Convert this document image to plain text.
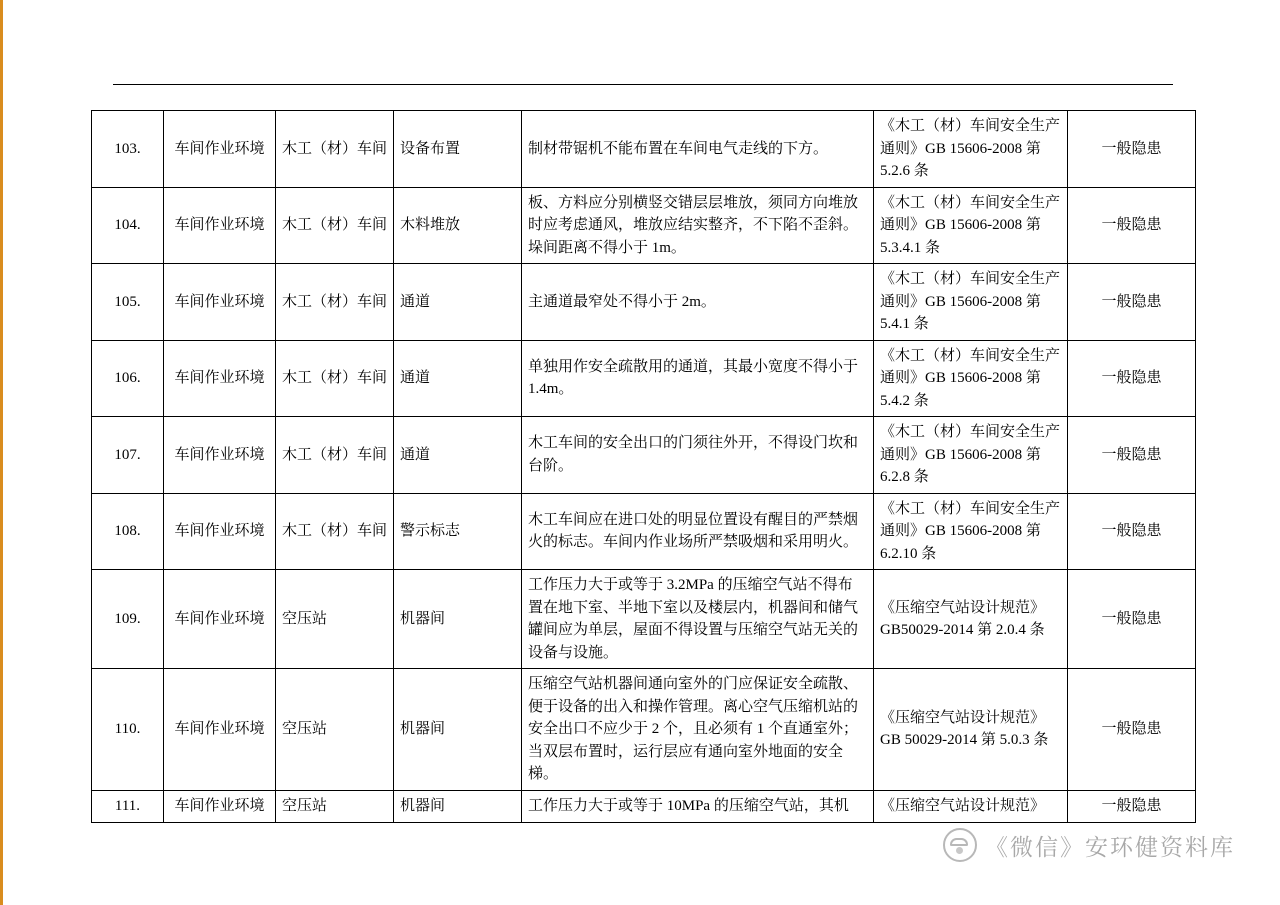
103.	车间作业环境	木工（材）车间	设备布置	制材带锯机不能布置在车间电气走线的下方。	《木工（材）车间安全生产通则》GB 15606-2008 第5.2.6 条	一般隐患
104.	车间作业环境	木工（材）车间	木料堆放	板、方料应分别横竖交错层层堆放，须同方向堆放时应考虑通风，堆放应结实整齐，不下陷不歪斜。垛间距离不得小于 1m。	《木工（材）车间安全生产通则》GB 15606-2008 第5.3.4.1 条	一般隐患
105.	车间作业环境	木工（材）车间	通道	主通道最窄处不得小于 2m。	《木工（材）车间安全生产通则》GB 15606-2008 第5.4.1 条	一般隐患
106.	车间作业环境	木工（材）车间	通道	单独用作安全疏散用的通道，其最小宽度不得小于 1.4m。	《木工（材）车间安全生产通则》GB 15606-2008 第5.4.2 条	一般隐患
107.	车间作业环境	木工（材）车间	通道	木工车间的安全出口的门须往外开，不得设门坎和台阶。	《木工（材）车间安全生产通则》GB 15606-2008 第6.2.8 条	一般隐患
108.	车间作业环境	木工（材）车间	警示标志	木工车间应在进口处的明显位置设有醒目的严禁烟火的标志。车间内作业场所严禁吸烟和采用明火。	《木工（材）车间安全生产通则》GB 15606-2008 第6.2.10 条	一般隐患
109.	车间作业环境	空压站	机器间	工作压力大于或等于 3.2MPa 的压缩空气站不得布置在地下室、半地下室以及楼层内，机器间和储气罐间应为单层，屋面不得设置与压缩空气站无关的设备与设施。	《压缩空气站设计规范》GB50029-2014 第 2.0.4 条	一般隐患
110.	车间作业环境	空压站	机器间	压缩空气站机器间通向室外的门应保证安全疏散、便于设备的出入和操作管理。离心空气压缩机站的安全出口不应少于 2 个，且必须有 1 个直通室外；当双层布置时，运行层应有通向室外地面的安全梯。	《压缩空气站设计规范》GB 50029-2014 第 5.0.3 条	一般隐患
111.	车间作业环境	空压站	机器间	工作压力大于或等于 10MPa 的压缩空气站，其机	《压缩空气站设计规范》	一般隐患
《微信》安环健资料库
